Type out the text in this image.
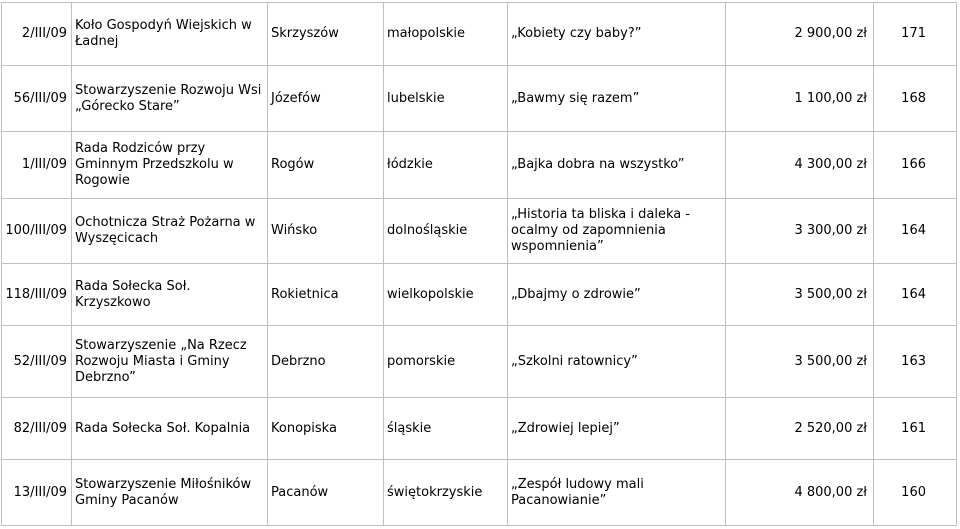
2/III/09	Koło Gospodyń Wiejskich w Ładnej	Skrzyszów	małopolskie	„Kobiety czy baby?”	2 900,00 zł	171
56/III/09	Stowarzyszenie Rozwoju Wsi „Górecko Stare”	Józefów	lubelskie	„Bawmy się razem”	1 100,00 zł	168
1/III/09	Rada Rodziców przy Gminnym Przedszkolu w Rogowie	Rogów	łódzkie	„Bajka dobra na wszystko”	4 300,00 zł	166
100/III/09	Ochotnicza Straż Pożarna w Wyszęcicach	Wińsko	dolnośląskie	„Historia ta bliska i daleka - ocalmy od zapomnienia wspomnienia”	3 300,00 zł	164
118/III/09	Rada Sołecka Soł. Krzyszkowo	Rokietnica	wielkopolskie	„Dbajmy o zdrowie”	3 500,00 zł	164
52/III/09	Stowarzyszenie „Na Rzecz Rozwoju Miasta i Gminy Debrzno”	Debrzno	pomorskie	„Szkolni ratownicy”	3 500,00 zł	163
82/III/09	Rada Sołecka Soł. Kopalnia	Konopiska	śląskie	„Zdrowiej lepiej”	2 520,00 zł	161
13/III/09	Stowarzyszenie Miłośników Gminy Pacanów	Pacanów	świętokrzyskie	„Zespół ludowy mali Pacanowianie”	4 800,00 zł	160
